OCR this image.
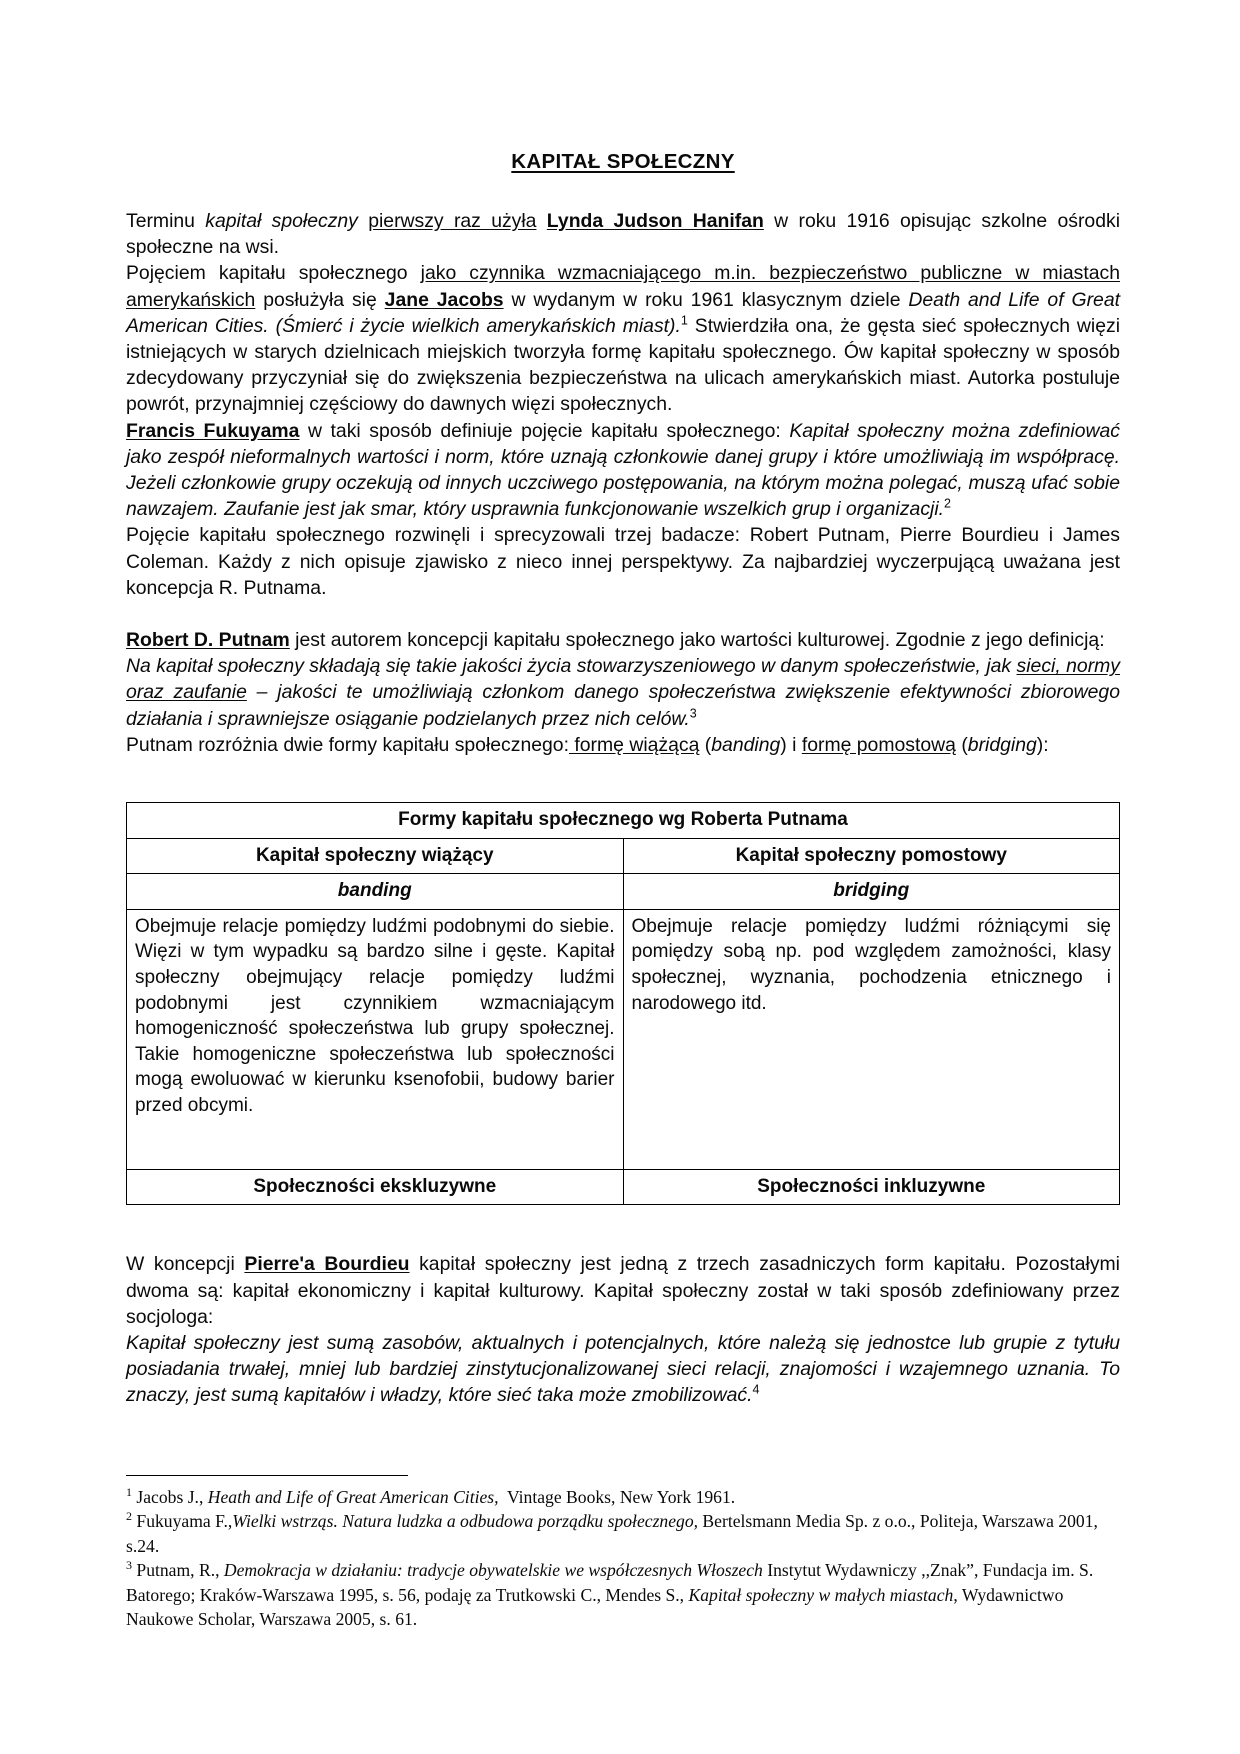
KAPITAŁ SPOŁECZNY

Terminu kapitał społeczny pierwszy raz użyła Lynda Judson Hanifan w roku 1916 opisując szkolne ośrodki społeczne na wsi.

Pojęciem kapitału społecznego jako czynnika wzmacniającego m.in. bezpieczeństwo publiczne w miastach amerykańskich posłużyła się Jane Jacobs w wydanym w roku 1961 klasycznym dziele Death and Life of Great American Cities. (Śmierć i życie wielkich amerykańskich miast).$^1$ Stwierdziła ona, że gęsta sieć społecznych więzi istniejących w starych dzielnicach miejskich tworzyła formę kapitału społecznego. Ów kapitał społeczny w sposób zdecydowany przyczyniał się do zwiększenia bezpieczeństwa na ulicach amerykańskich miast. Autorka postuluje powrót, przynajmniej częściowy do dawnych więzi społecznych.

Francis Fukuyama w taki sposób definiuje pojęcie kapitału społecznego: Kapitał społeczny można zdefiniować jako zespół nieformalnych wartości i norm, które uznają członkowie danej grupy i które umożliwiają im współpracę. Jeżeli członkowie grupy oczekują od innych uczciwego postępowania, na którym można polegać, muszą ufać sobie nawzajem. Zaufanie jest jak smar, który usprawnia funkcjonowanie wszelkich grup i organizacji.$^2$

Pojęcie kapitału społecznego rozwinęli i sprecyzowali trzej badacze: Robert Putnam, Pierre Bourdieu i James Coleman. Każdy z nich opisuje zjawisko z nieco innej perspektywy. Za najbardziej wyczerpującą uważana jest koncepcja R. Putnama.

Robert D. Putnam jest autorem koncepcji kapitału społecznego jako wartości kulturowej. Zgodnie z jego definicją:

Na kapitał społeczny składają się takie jakości życia stowarzyszeniowego w danym społeczeństwie, jak sieci, normy oraz zaufanie – jakości te umożliwiają członkom danego społeczeństwa zwiększenie efektywności zbiorowego działania i sprawniejsze osiąganie podzielanych przez nich celów.$^3$

Putnam rozróżnia dwie formy kapitału społecznego: formę wiążącą (banding) i formę pomostową (bridging):

Formy kapitału społecznego wg Roberta Putnama	
Kapitał społeczny wiążący	Kapitał społeczny pomostowy
banding	bridging
Obejmuje relacje pomiędzy ludźmi podobnymi do siebie. Więzi w tym wypadku są bardzo silne i gęste. Kapitał społeczny obejmujący relacje pomiędzy ludźmi podobnymi jest czynnikiem wzmacniającym homogeniczność społeczeństwa lub grupy społecznej. Takie homogeniczne społeczeństwa lub społeczności mogą ewoluować w kierunku ksenofobii, budowy barier przed obcymi.	Obejmuje relacje pomiędzy ludźmi różniącymi się pomiędzy sobą np. pod względem zamożności, klasy społecznej, wyznania, pochodzenia etnicznego i narodowego itd.
Społeczności ekskluzywne	Społeczności inkluzywne

W koncepcji Pierre'a Bourdieu kapitał społeczny jest jedną z trzech zasadniczych form kapitału. Pozostałymi dwoma są: kapitał ekonomiczny i kapitał kulturowy. Kapitał społeczny został w taki sposób zdefiniowany przez socjologa:

Kapitał społeczny jest sumą zasobów, aktualnych i potencjalnych, które należą się jednostce lub grupie z tytułu posiadania trwałej, mniej lub bardziej zinstytucjonalizowanej sieci relacji, znajomości i wzajemnego uznania. To znaczy, jest sumą kapitałów i władzy, które sieć taka może zmobilizować.$^4$

$^1$ Jacobs J., Heath and Life of Great American Cities,  Vintage Books, New York 1961.

$^2$ Fukuyama F.,Wielki wstrząs. Natura ludzka a odbudowa porządku społecznego, Bertelsmann Media Sp. z o.o., Politeja, Warszawa 2001, s.24.

$^3$ Putnam, R., Demokracja w działaniu: tradycje obywatelskie we współczesnych Włoszech Instytut Wydawniczy ,,Znak”, Fundacja im. S. Batorego; Kraków-Warszawa 1995, s. 56, podaję za Trutkowski C., Mendes S., Kapitał społeczny w małych miastach, Wydawnictwo Naukowe Scholar, Warszawa 2005, s. 61.
